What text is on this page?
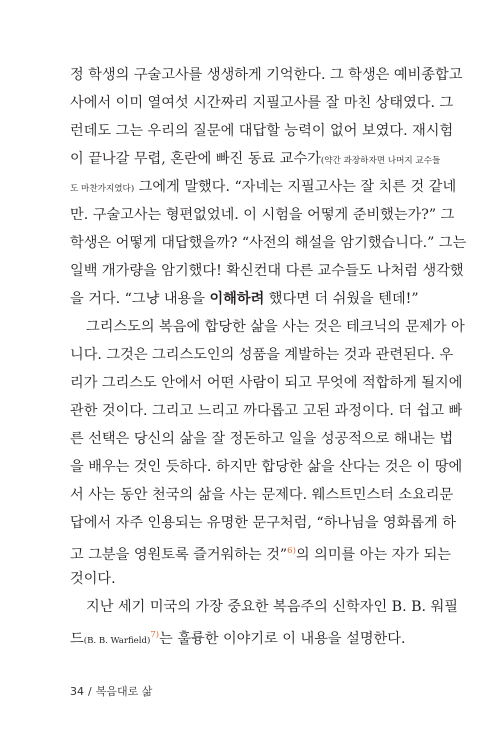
정 학생의 구술고사를 생생하게 기억한다. 그 학생은 예비종합고
사에서 이미 열여섯 시간짜리 지필고사를 잘 마친 상태였다. 그
런데도 그는 우리의 질문에 대답할 능력이 없어 보였다. 재시험
이 끝나갈 무렵, 혼란에 빠진 동료 교수가(약간 과장하자면 나머지 교수들
도 마찬가지였다) 그에게 말했다. “자네는 지필고사는 잘 치른 것 같네
만. 구술고사는 형편없었네. 이 시험을 어떻게 준비했는가?” 그
학생은 어떻게 대답했을까? “사전의 해설을 암기했습니다.” 그는
일백 개가량을 암기했다! 확신컨대 다른 교수들도 나처럼 생각했
을 거다. “그냥 내용을 이해하려 했다면 더 쉬웠을 텐데!”
그리스도의 복음에 합당한 삶을 사는 것은 테크닉의 문제가 아
니다. 그것은 그리스도인의 성품을 계발하는 것과 관련된다. 우
리가 그리스도 안에서 어떤 사람이 되고 무엇에 적합하게 될지에
관한 것이다. 그리고 느리고 까다롭고 고된 과정이다. 더 쉽고 빠
른 선택은 당신의 삶을 잘 정돈하고 일을 성공적으로 해내는 법
을 배우는 것인 듯하다. 하지만 합당한 삶을 산다는 것은 이 땅에
서 사는 동안 천국의 삶을 사는 문제다. 웨스트민스터 소요리문
답에서 자주 인용되는 유명한 문구처럼, “하나님을 영화롭게 하
고 그분을 영원토록 즐거워하는 것”$^{6)}$의 의미를 아는 자가 되는
것이다.
지난 세기 미국의 가장 중요한 복음주의 신학자인 B. B. 워필
드(B. B. Warfield)$^{7)}$는 훌륭한 이야기로 이 내용을 설명한다.
34 / 복음대로 삶
